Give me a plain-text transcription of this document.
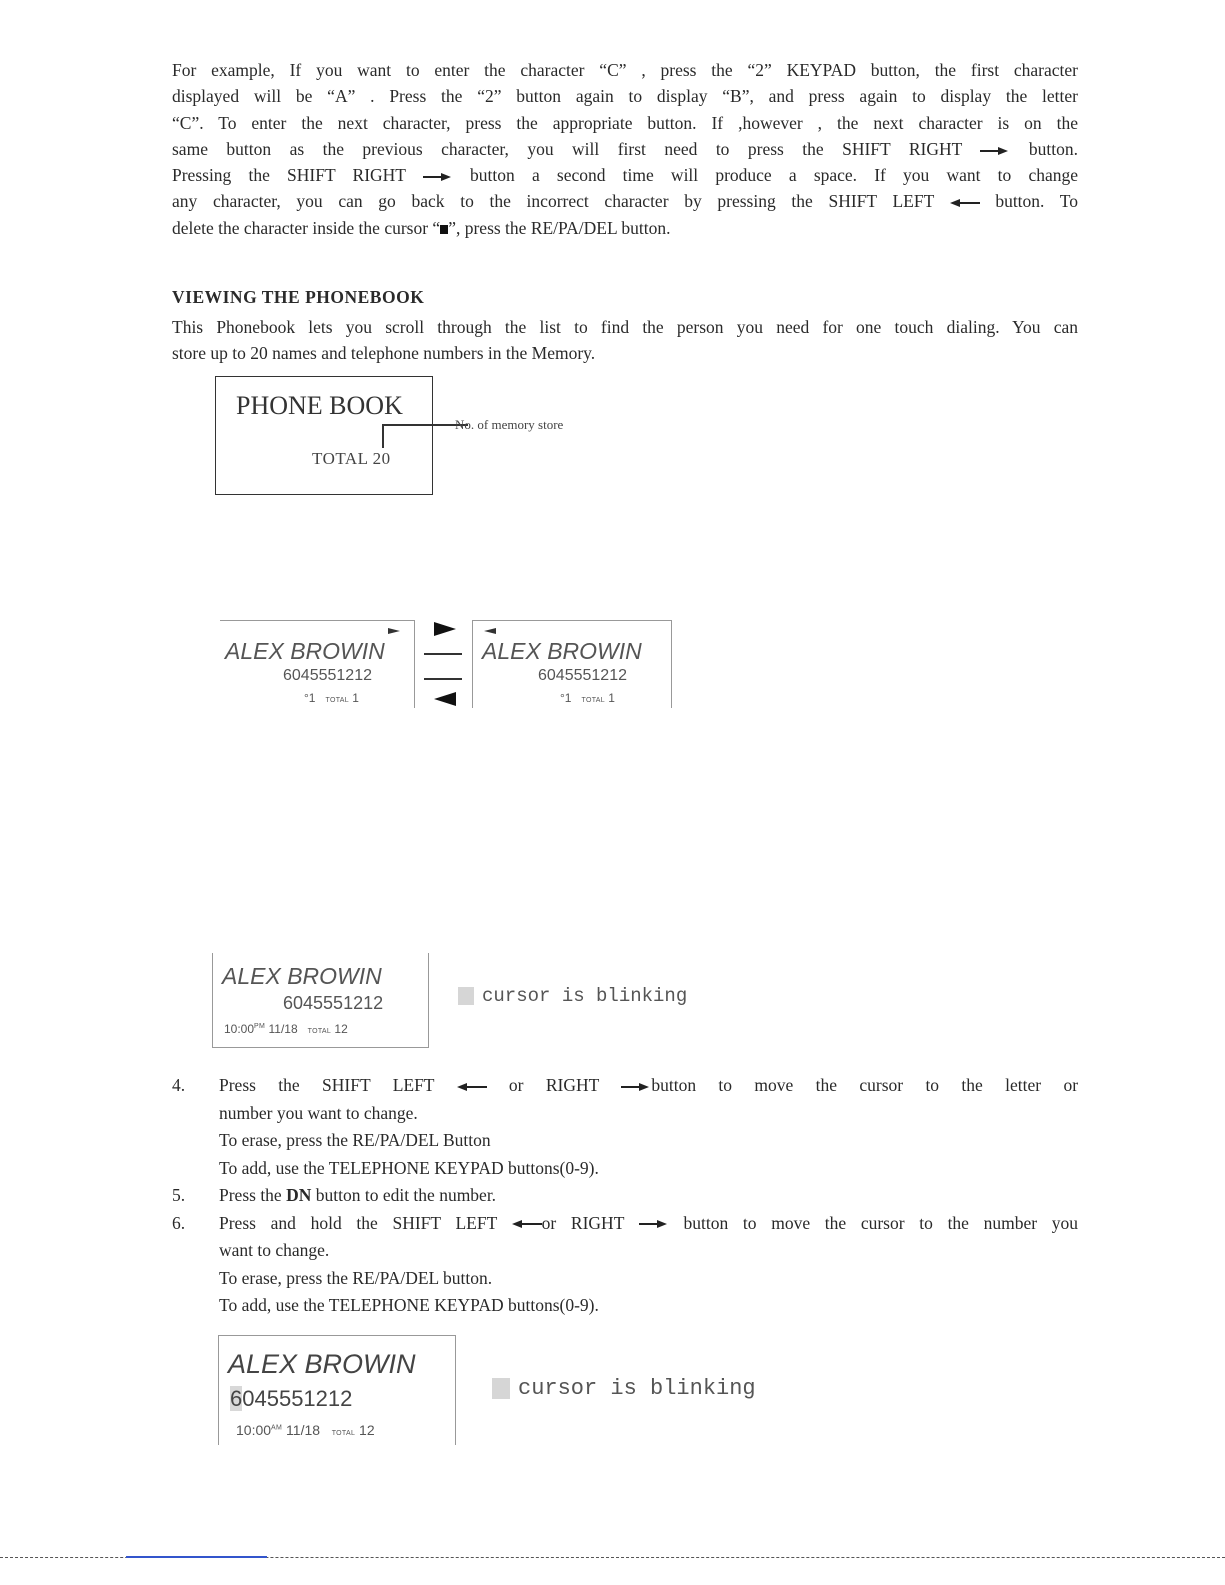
For example, If you want to enter the character “C” , press the “2” KEYPAD button, the first character
displayed will be “A” . Press the “2” button again to display “B”, and press again to display the letter
“C”. To enter the next character, press the appropriate button. If ,however , the next character is on the
same button as the previous character, you will first need to press the SHIFT RIGHT	button.
Pressing the SHIFT RIGHT	button a second time will produce a space. If you want to change
any character, you can go back to the incorrect character by pressing the SHIFT LEFT	button. To
delete the character inside the cursor “ ”, press the RE/PA/DEL button.
VIEWING THE PHONEBOOK
This Phonebook lets you scroll through the list to find the person you need for one touch dialing. You can
store up to 20 names and telephone numbers in the Memory.
PHONE BOOK
TOTAL 20
No. of memory store
ALEX BROWIN
6045551212
°1 TOTAL 1
ALEX BROWIN
6045551212
°1 TOTAL 1
ALEX BROWIN
6045551212
$10:00^{PM}$ 11/18 TOTAL 12
cursor is blinking
4. Press the SHIFT LEFT	or RIGHT	button to move the cursor to the letter or
number you want to change.
To erase, press the RE/PA/DEL Button
To add, use the TELEPHONE KEYPAD buttons(0-9).
5. Press the DN button to edit the number.
6. Press and hold the SHIFT LEFT	or RIGHT	button to move the cursor to the number you
want to change.
To erase, press the RE/PA/DEL button.
To add, use the TELEPHONE KEYPAD buttons(0-9).
ALEX BROWIN
6045551212
$10:00^{AM}$ 11/18 TOTAL 12
cursor is blinking
